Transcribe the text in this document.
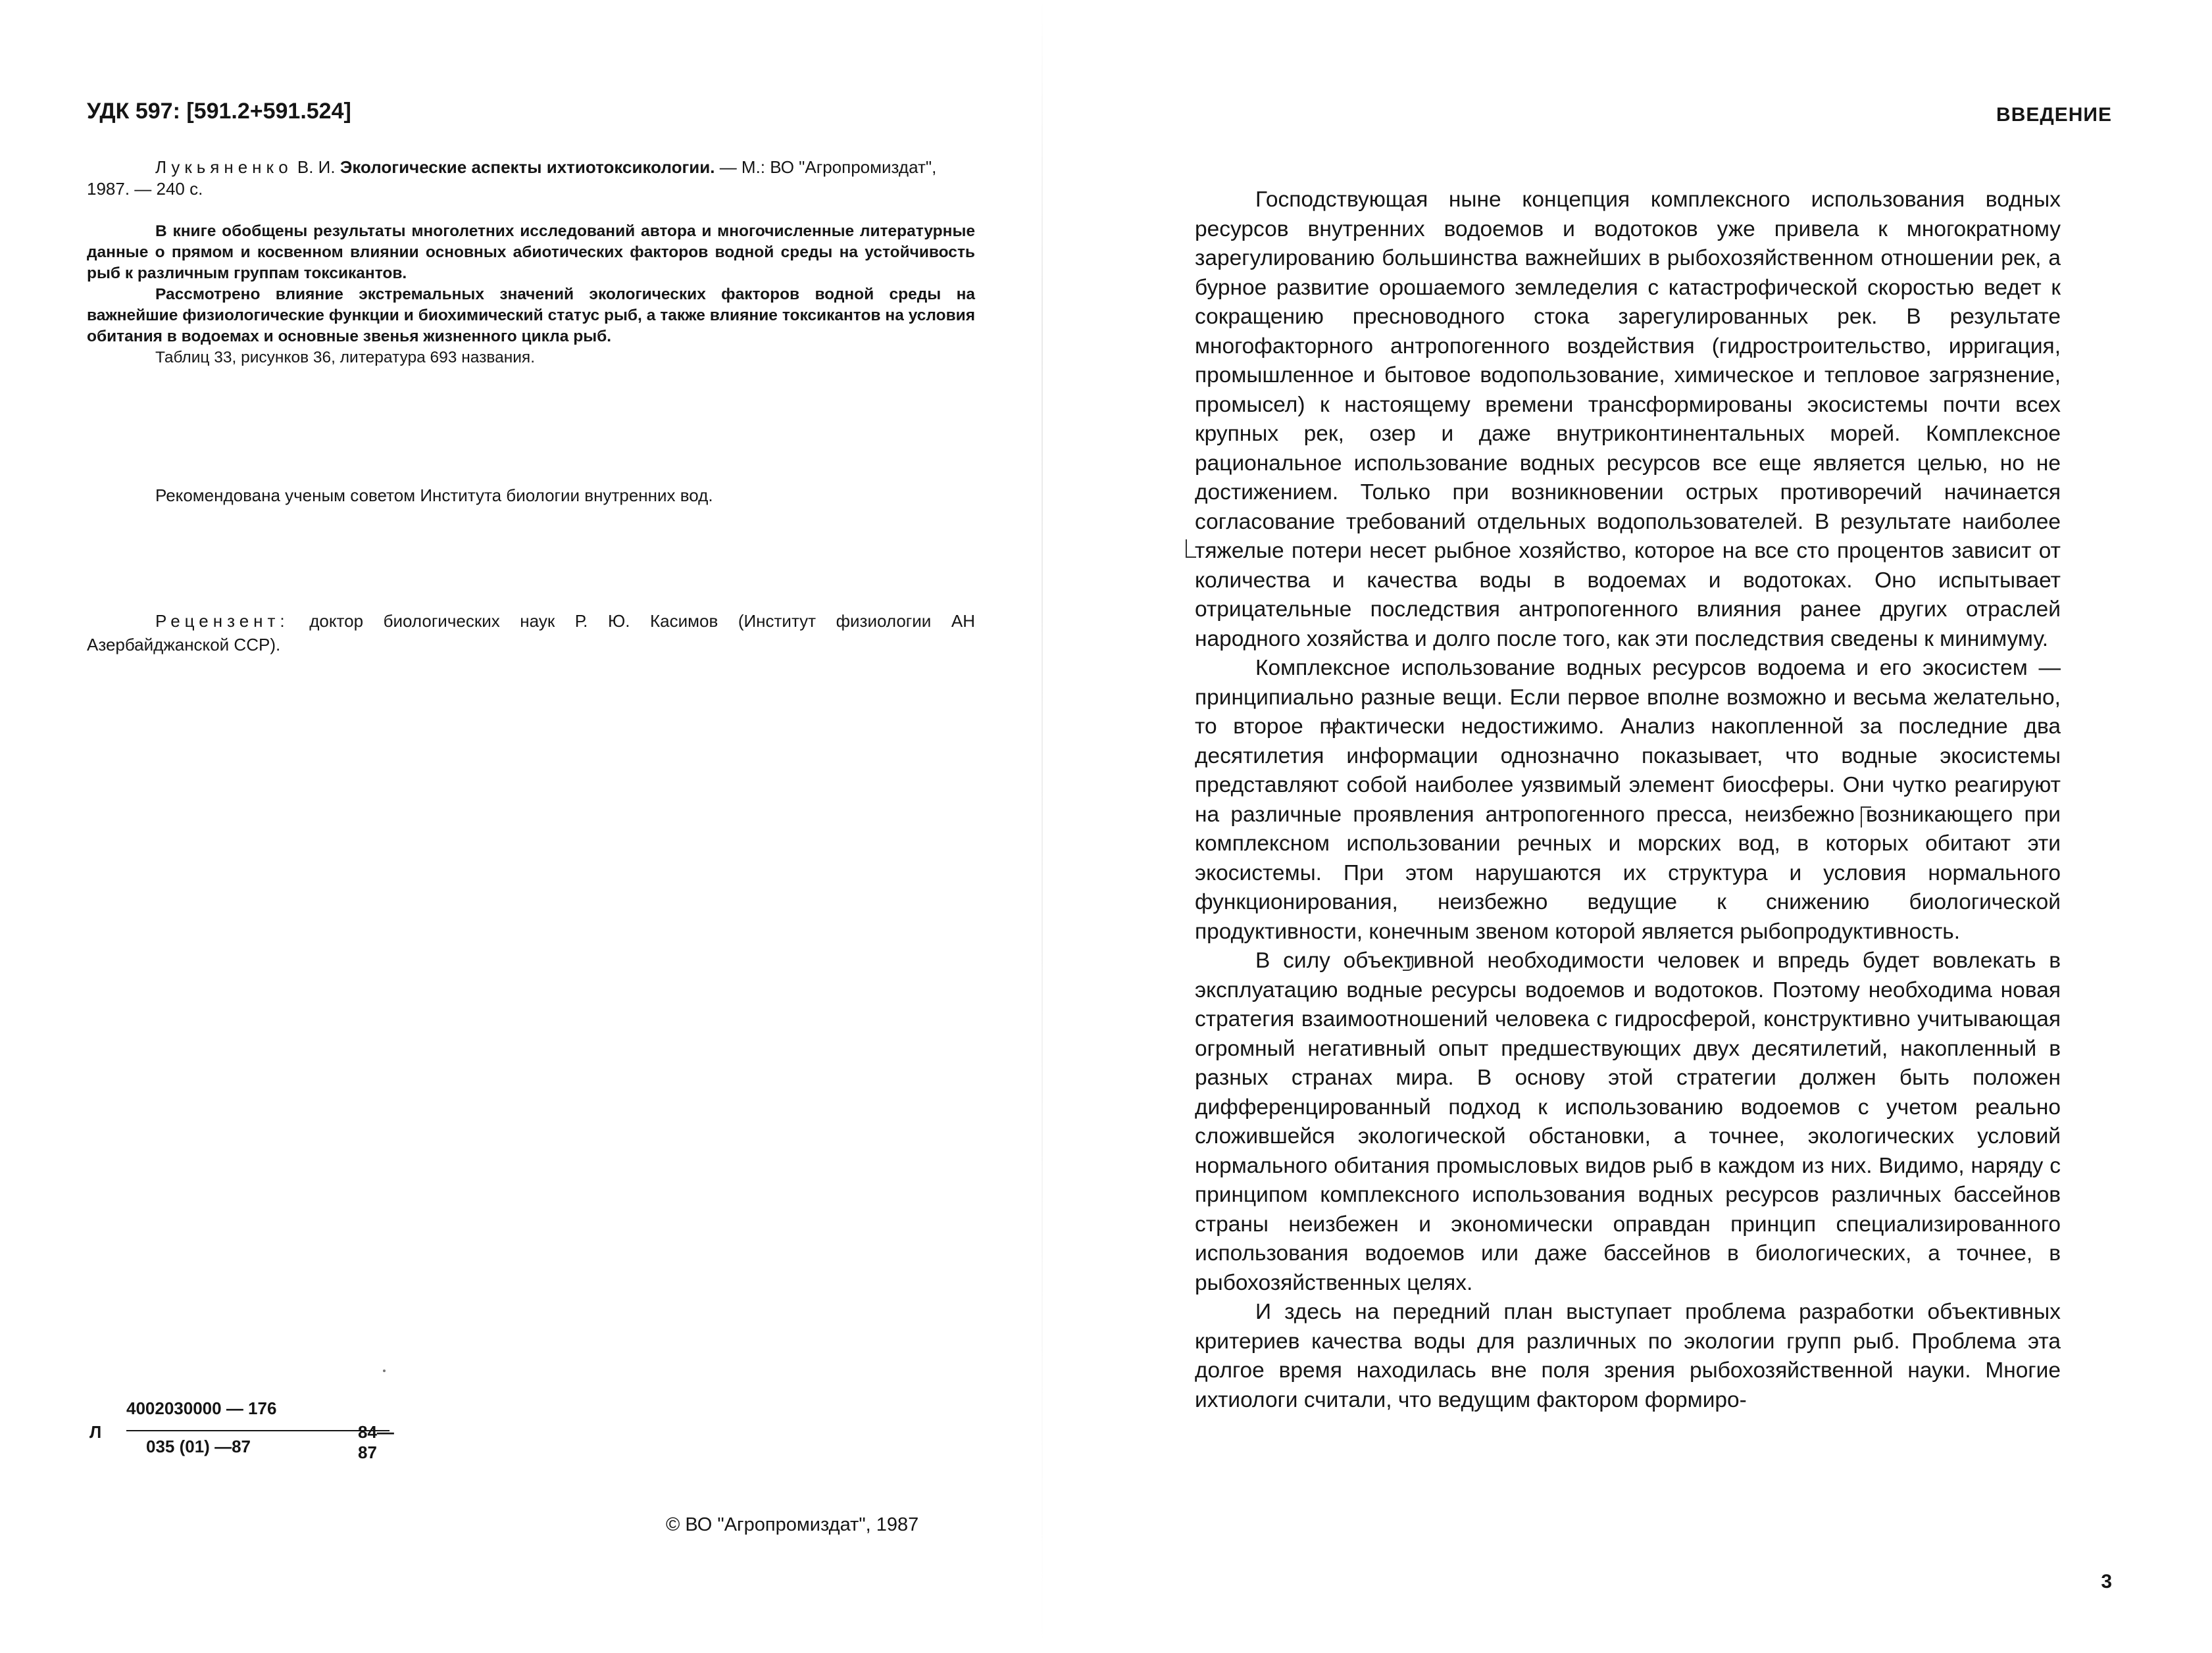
УДК 597: [591.2+591.524]

Лукьяненко В. И. Экологические аспекты ихтиотоксикологии. — М.: ВО "Агропромиздат", 1987. — 240 с.

В книге обобщены результаты многолетних исследований автора и многочисленные литературные данные о прямом и косвенном влиянии основных абиотических факторов водной среды на устойчивость рыб к различным группам токсикантов.

Рассмотрено влияние экстремальных значений экологических факторов водной среды на важнейшие физиологические функции и биохимический статус рыб, а также влияние токсикантов на условия обитания в водоемах и основные звенья жизненного цикла рыб.

Таблиц 33, рисунков 36, литература 693 названия.

Рекомендована ученым советом Института биологии внутренних вод.

Рецензент: доктор биологических наук Р. Ю. Касимов (Институт физиологии АН Азербайджанской ССР).

Л
4002030000 — 176
035 (01) —87
84—87
© ВО "Агропромиздат", 1987
ВВЕДЕНИЕ

Господствующая ныне концепция комплексного использования водных ресурсов внутренних водоемов и водотоков уже привела к многократному зарегулированию большинства важнейших в рыбохозяйственном отношении рек, а бурное развитие орошаемого земледелия с катастрофической скоростью ведет к сокращению пресноводного стока зарегулированных рек. В результате многофакторного антропогенного воздействия (гидростроительство, ирригация, промышленное и бытовое водопользование, химическое и тепловое загрязнение, промысел) к настоящему времени трансформированы экосистемы почти всех крупных рек, озер и даже внутриконтинентальных морей. Комплексное рациональное использование водных ресурсов все еще является целью, но не достижением. Только при возникновении острых противоречий начинается согласование требований отдельных водопользователей. В результате наиболее тяжелые потери несет рыбное хозяйство, которое на все сто процентов зависит от количества и качества воды в водоемах и водотоках. Оно испытывает отрицательные последствия антропогенного влияния ранее других отраслей народного хозяйства и долго после того, как эти последствия сведены к минимуму.

Комплексное использование водных ресурсов водоема и его экосистем — принципиально разные вещи. Если первое вполне возможно и весьма желательно, то второе практически недостижимо. Анализ накопленной за последние два десятилетия информации однозначно показывает, что водные экосистемы представляют собой наиболее уязвимый элемент биосферы. Они чутко реагируют на различные проявления антропогенного пресса, неизбежно возникающего при комплексном использовании речных и морских вод, в которых обитают эти экосистемы. При этом нарушаются их структура и условия нормального функционирования, неизбежно ведущие к снижению биологической продуктивности, конечным звеном которой является рыбопродуктивность.

В силу объективной необходимости человек и впредь будет вовлекать в эксплуатацию водные ресурсы водоемов и водотоков. Поэтому необходима новая стратегия взаимоотношений человека с гидросферой, конструктивно учитывающая огромный негативный опыт предшествующих двух десятилетий, накопленный в разных странах мира. В основу этой стратегии должен быть положен дифференцированный подход к использованию водоемов с учетом реально сложившейся экологической обстановки, а точнее, экологических условий нормального обитания промысловых видов рыб в каждом из них. Видимо, наряду с принципом комплексного использования водных ресурсов различных бассейнов страны неизбежен и экономически оправдан принцип специализированного использования водоемов или даже бассейнов в биологических, а точнее, в рыбохозяйственных целях.

И здесь на передний план выступает проблема разработки объективных критериев качества воды для различных по экологии групп рыб. Проблема эта долгое время находилась вне поля зрения рыбохозяйственной науки. Многие ихтиологи считали, что ведущим фактором формиро-

3
